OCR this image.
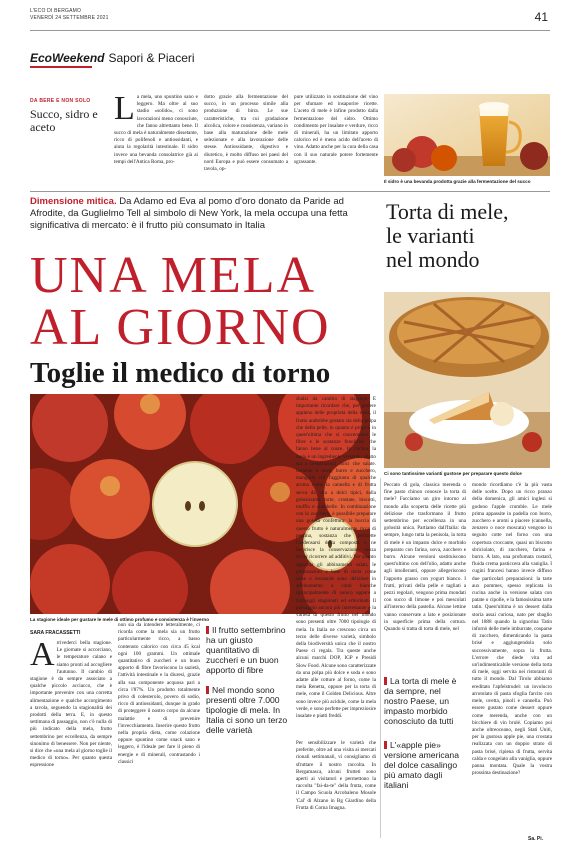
L'ECO DI BERGAMO
VENERDÌ 24 SETTEMBRE 2021	41
EcoWeekend Sapori & Piaceri
DA BERE E NON SOLO
Succo, sidro e aceto	La mela, uno spuntino sano e leggero. Ma oltre al suo stadio «solido», ci sono lavorazioni meno conosciute, che fanno altrettanto bene. Il succo di mela è naturalmente dissetante, ricco di polifenoli e antiossidanti, e aiuta la regolarità intestinale. Il sidro invece una bevanda consolatrice già ai tempi dell'Antica Roma, pro-
dotto grazie alla fermentazione del succo, in un processo simile alla produzione di birra. Le sue caratteristiche, tra cui gradazione alcolica, colore e consistenza, variano in base alla maturazione delle mele selezionate e alla lavorazione delle stesse. Antiossidante, digestivo e diuretico, è molto diffuso nei paesi del nord Europa e può essere consumato a tavola, op-
pure utilizzato in sostituzione del vino per sfumare ed insaporire ricette. L'aceto di mele è infine prodotto dalla fermentazione del sidro. Ottimo condimento per insalate e verdure, ricco di minerali, ha un limitato apporto calorico ed è meno acido dell'aceto di vino. Adatto anche per la cura della casa con il suo naturale potere fortemente sgrassante.
Il sidro è una bevanda prodotta grazie alla fermentazione del succo
Dimensione mitica. Da Adamo ed Eva al pomo d'oro donato da Paride ad Afrodite, da Guglielmo Tell al simbolo di New York, la mela occupa una fetta significativa di mercato: è il frutto più consumato in Italia
UNA MELA
AL GIORNO
Toglie il medico di torno
Torta di mele,
le varianti
nel mondo
Ci sono tantissime varianti gustose per preparare questo dolce
Peccato di gola, classica merenda o fine pasto chinon conosce la torta di mele? Facciamo un giro intorno al mondo alla scoperta delle ricette più deliziose che trasformano il frutto settembrino per eccellenza in una golosità unica. Partiamo dall'Italia: da sempre, lungo tutta la penisola, la torta di mele è un impasto dolce e morbido preparato con farina, uova, zucchero e burro. Alcune versioni sostituiscono quest'ultimo con dell'olio, adatto anche agli intolleranti, oppure allegeriscono l'apporto grasso con yogurt bianco. I frutti, privati della pelle e tagliati a pezzi regolari, vengono prima mondati con succo di limone e poi mescolati all'interno della pastella. Alcune lettine vanno conservate a lato e posizionate in superficie prima della cottura. Quando si tratta di torta di mele, nel
mondo ricordiamo c'è la più vasta delle scelte. Dopo un ricco pranzo della domenica, gli amici inglesi si godono l'apple crumble. Le mele prima appassite in padella con burro, zucchero e aromi a piacere (cannella, zenzero o noce moscata) vengono in seguito cotte nel forno con una copertura croccante, quasi un biscotto sbriciolato, di zucchero, farina e burro. A lato, una profumata custard, fluida crema pasticcera alla vaniglia. I cugini francesi hanno invece diffuso due particolari preparazioni: la tarte aux pommes, spesso replicata in cucina anche in versione salata con patate o cipolle, e la famosissima tarte tatin. Quest'ultima è un dessert dalla storia assai curiosa, nato per sbaglio nel 1888 quando la signorina Tatin infornò delle mele imburrate, cosparse di zucchero, dimenticando la pasta brisé e aggiungendola solo successivamente, sopra la frutta. L'errore che diede vita ad un'indimenticabile versione della torta di mele, oggi servita nei ristoranti di tutto il mondo. Dal Tirolo abbiamo ereditato l'apfelstrudel: un involucro arrotolato di pasta sfoglia farcito con mele, uvetta, pinoli e cannella. Può essere gustato come dessert oppure come merenda, anche con un bicchiere di vin brulé. Copiamo poi anche oltreoceano, negli Stati Uniti, per la gustosa apple pie, una crostata realizzata con un doppio strato di pasta brisé, ripiena di frutta, servita calda e congelato alla vaniglia, oppure panna montata. Quale la vostra prossima destinazione?
Sa. Pi.
La stagione ideale per gustare le mele di ottimo profumo e consistenza è l'inverno
SARA FRACASSETTI
Arrivederci bella stagione. Le giornate si accorciano, le temperature calano e siamo pronti ad accogliere l'autunno. Il cambio di stagione è da sempre associato a qualche piccolo acciacco, che è importante prevenire con una corretta alimentazione e qualche accorgimento a tavola, seguendo la stagionalità dei prodotti della terra. E, in questo settimana di passaggio, non c'è nulla di più indicato della mela, frutto settembrino per eccellenza, da sempre sinonimo di benessere. Non per niente, si dice che «una mela al giorno toglie il medico di torno». Per quanto questa espressione
non sia da intendere letteralmente, ci ricorda come la mela sia un frutto particolarmente ricco, a basso contenuto calorico con circa 45 kcal ogni 100 grammi. Un ottimale quantitativo di zuccheri e un buon apporto di fibre favoriscono la sazietà, l'attività intestinale e la diuresi, grazie alla sua componente acquosa pari a circa l'87%. Un prodotto totalmente privo di colesterolo, povero di sodio, ricco di antiossidanti, dunque in grado di proteggere il nostro corpo da alcune malattie e di prevenire l'invecchiamento. Inserire questo frutto nella propria dieta, come colazione oppure spuntino come snack sano e leggero, è l'ideale per fare il pieno di energie e di minerali, contrastando i classici
Il frutto settembrino ha un giusto quantitativo di zuccheri e un buon apporto di fibre
Nel mondo sono presenti oltre 7.000 tipologie di mela. In Italia ci sono un terzo delle varietà
sbalzi da cambio di stagione. È importante ricordare che, per godere appieno delle proprietà della mela, il frutto andrebbe gustato sia della polpa che della pelle, in quanto è proprio in quest'ultima che si concentrano le fibre e le sostanze fenoliche, che fanno bene al cuore. In cucina, la mela è un ingrediente versatile, adatto sia a preparazioni dolci che salate. Insieme a uova, burro e zucchero, mangarlo col l'aggiunta di qualche aroma come la cannella e di frutta secca dà vita a dolci tipici, dalla golosissime torte, crostate, biscotti, muffin e ciambelle. In combinazione con lo zucchero, è possibile preparare una golosa confettura: la buccia di questo frutto è naturalmente ricca di pectina, sostanza che permette l'addensarsi della composta e ne favorisce la conservazione, senza dover ricorrere ad additivi. Per quanto riguarda gli abbinamenti salati, le preparazioni a base di mela come salse e mostarde sono deliziose in abbinamento a carni bianche (principalmente di suino) oppure a formaggi stagionati ed erborinati. Il paesaggio ancora più interessante è la varietà di questo frutto nel mondo sono presenti oltre 7000 tipologie di mela. In Italia ne crescono circa un terzo delle diverse varietà, simbolo della biodiversità unica che il nostro Paese ci regala. Tra queste anche alcuni marchi DOP, IGP e Presidi Slow Food. Alcune sono caratterizzate da una polpa più dolce e soda e sono adatte alle cotture al forno, come la mela Renetta, oppure per la torta di mele, come il Golden Delicious. Altre sono invece più acidule, come la mela verde, e sono perfette per impreziosire insalate e piatti freddi.
Per sensibilizzare le varietà che preferite, oltre ad una visita ai mercati rionali settimanali, vi consigliamo di sfruttare il nostro raccolta. In Bergamasca, alcuni frutteti sono aperti ai visitatori e permettono la raccolta "fai-da-te" della frutta, come il Campo Scuola Arcobaleno Mosole 'Cal' di Alzano in Bg Giardino della Frutta di Corna Imagna.
La torta di mele è da sempre, nel nostro Paese, un impasto morbido conosciuto da tutti
L'«apple pie» versione americana del dolce casalingo più amato dagli italiani
